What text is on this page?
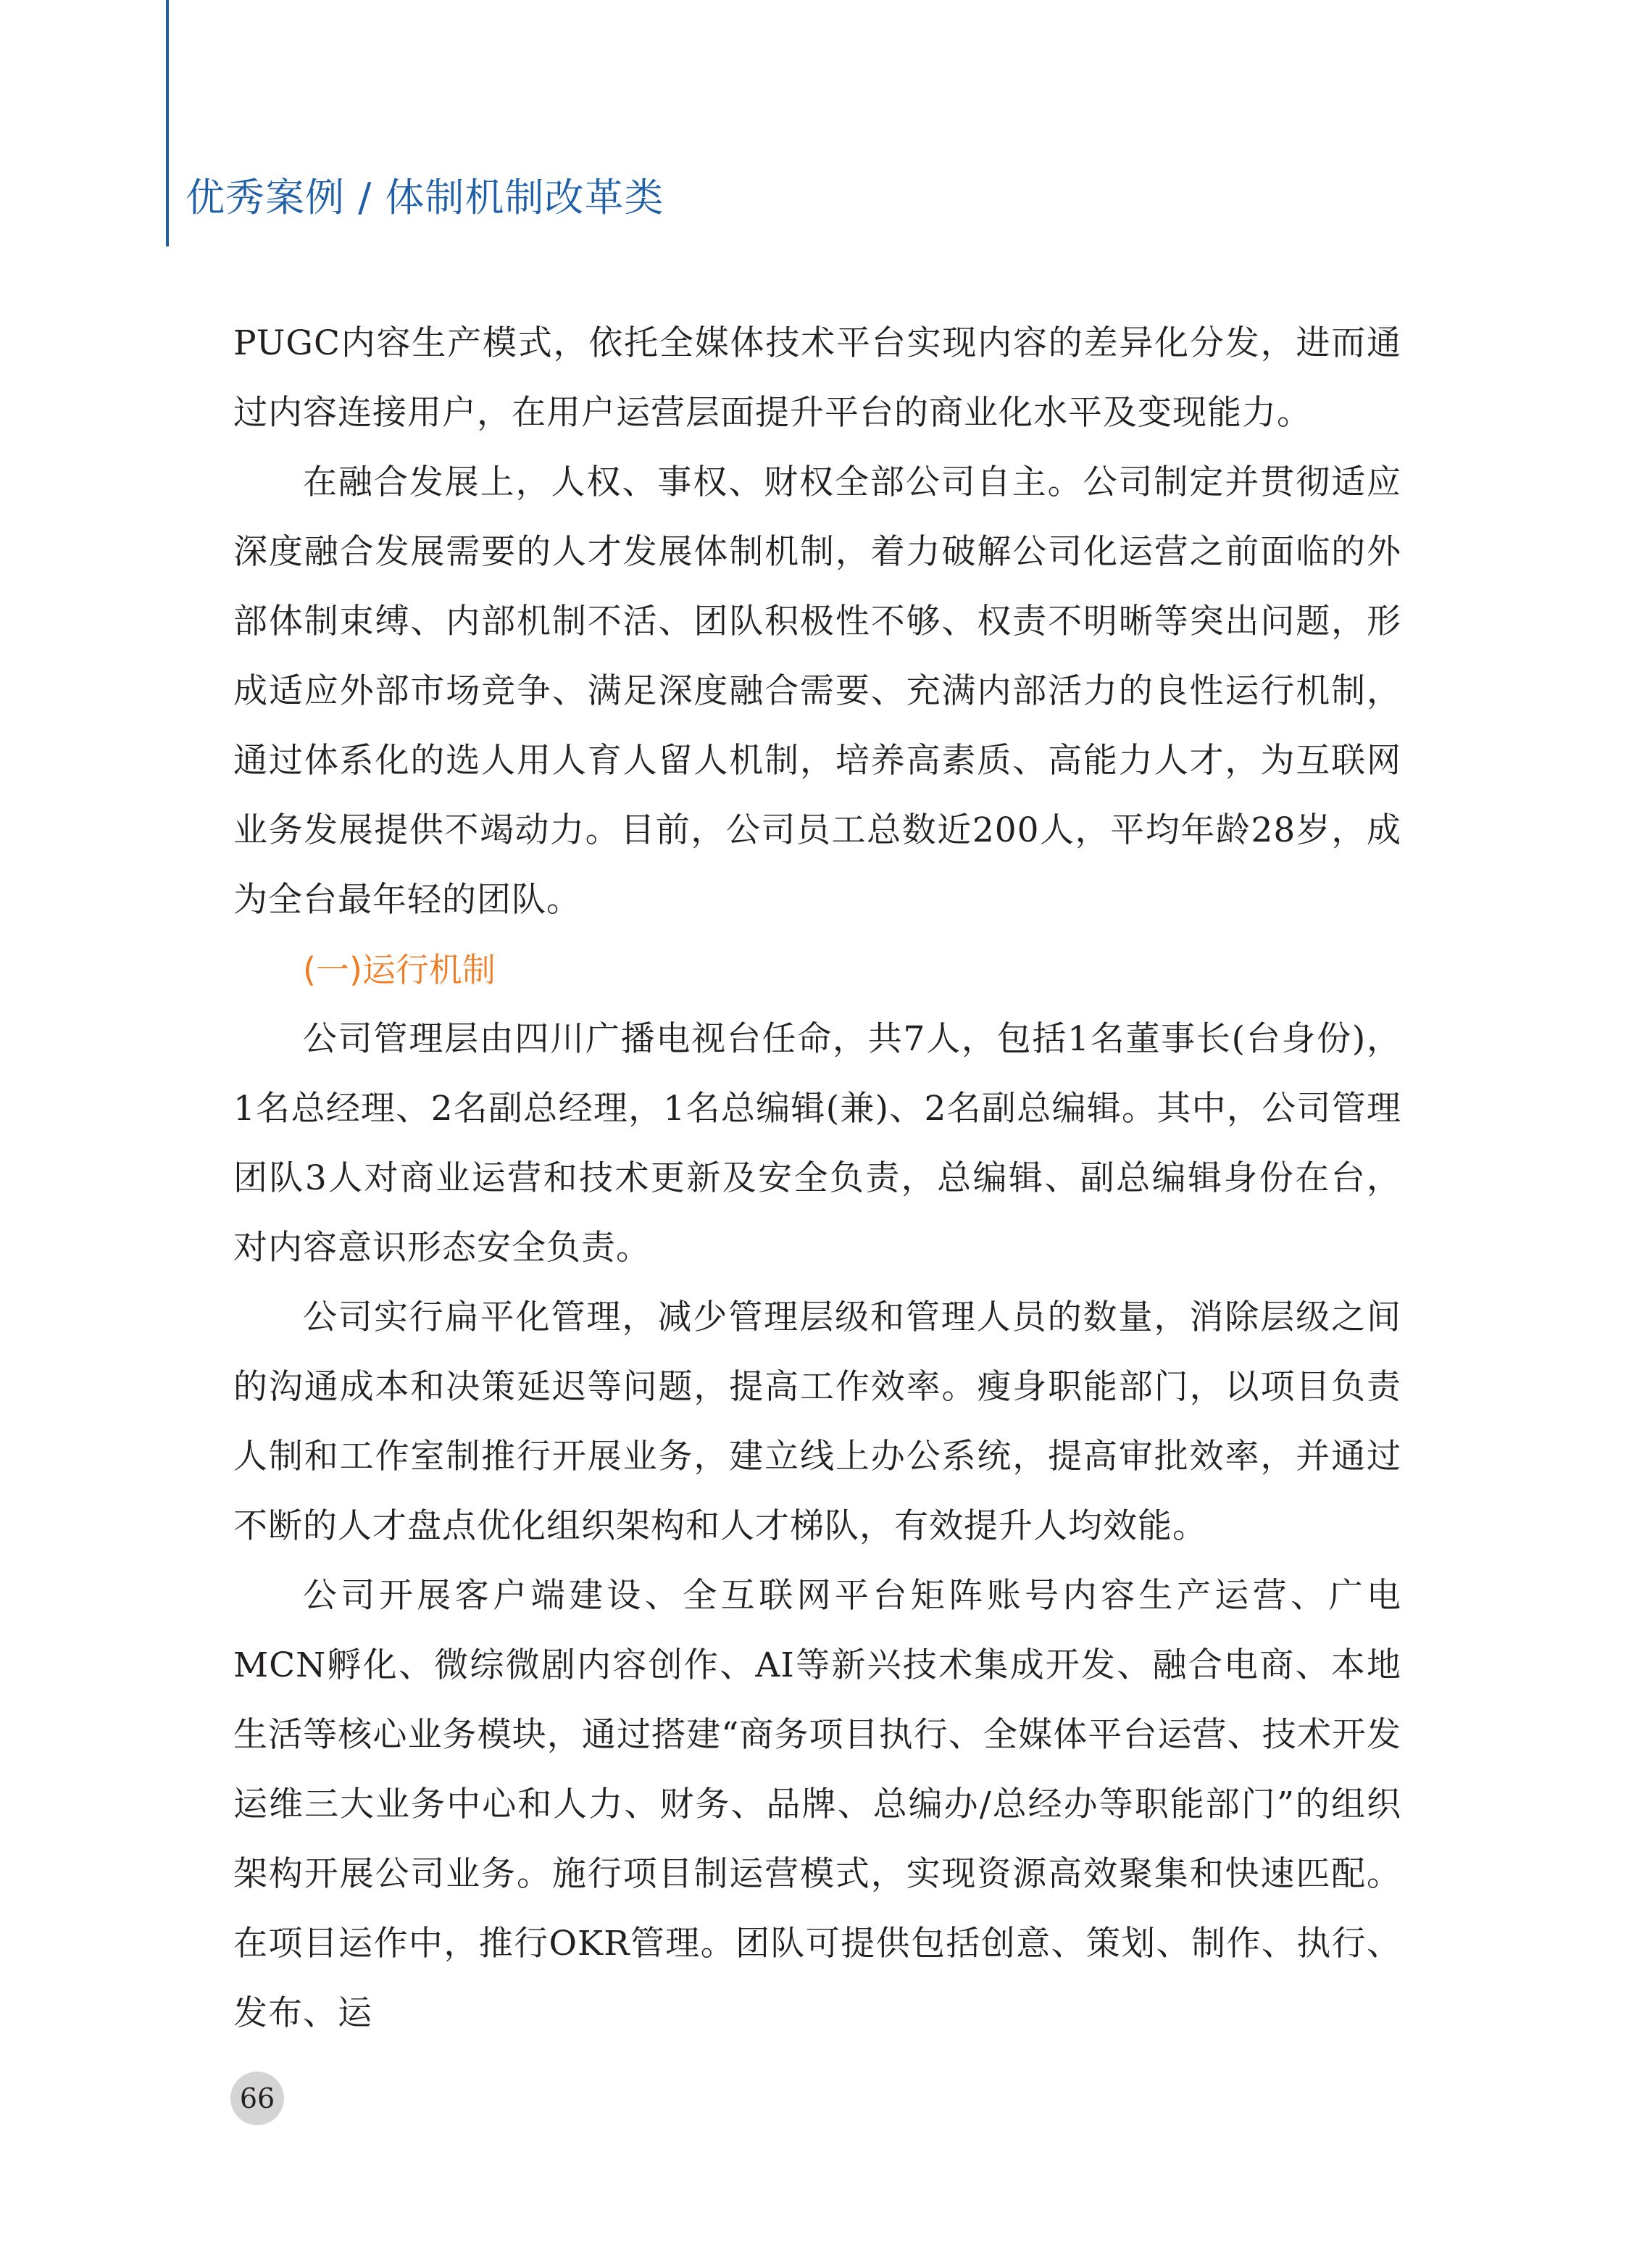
优秀案例 / 体制机制改革类

PUGC内容生产模式，依托全媒体技术平台实现内容的差异化分发，进而通过内容连接用户，在用户运营层面提升平台的商业化水平及变现能力。

在融合发展上，人权、事权、财权全部公司自主。公司制定并贯彻适应深度融合发展需要的人才发展体制机制，着力破解公司化运营之前面临的外部体制束缚、内部机制不活、团队积极性不够、权责不明晰等突出问题，形成适应外部市场竞争、满足深度融合需要、充满内部活力的良性运行机制，通过体系化的选人用人育人留人机制，培养高素质、高能力人才，为互联网业务发展提供不竭动力。目前，公司员工总数近200人，平均年龄28岁，成为全台最年轻的团队。

(一)运行机制

公司管理层由四川广播电视台任命，共7人，包括1名董事长(台身份)，1名总经理、2名副总经理，1名总编辑(兼)、2名副总编辑。其中，公司管理团队3人对商业运营和技术更新及安全负责，总编辑、副总编辑身份在台，对内容意识形态安全负责。

公司实行扁平化管理，减少管理层级和管理人员的数量，消除层级之间的沟通成本和决策延迟等问题，提高工作效率。瘦身职能部门，以项目负责人制和工作室制推行开展业务，建立线上办公系统，提高审批效率，并通过不断的人才盘点优化组织架构和人才梯队，有效提升人均效能。

公司开展客户端建设、全互联网平台矩阵账号内容生产运营、广电MCN孵化、微综微剧内容创作、AI等新兴技术集成开发、融合电商、本地生活等核心业务模块，通过搭建“商务项目执行、全媒体平台运营、技术开发运维三大业务中心和人力、财务、品牌、总编办/总经办等职能部门”的组织架构开展公司业务。施行项目制运营模式，实现资源高效聚集和快速匹配。在项目运作中，推行OKR管理。团队可提供包括创意、策划、制作、执行、发布、运

66
